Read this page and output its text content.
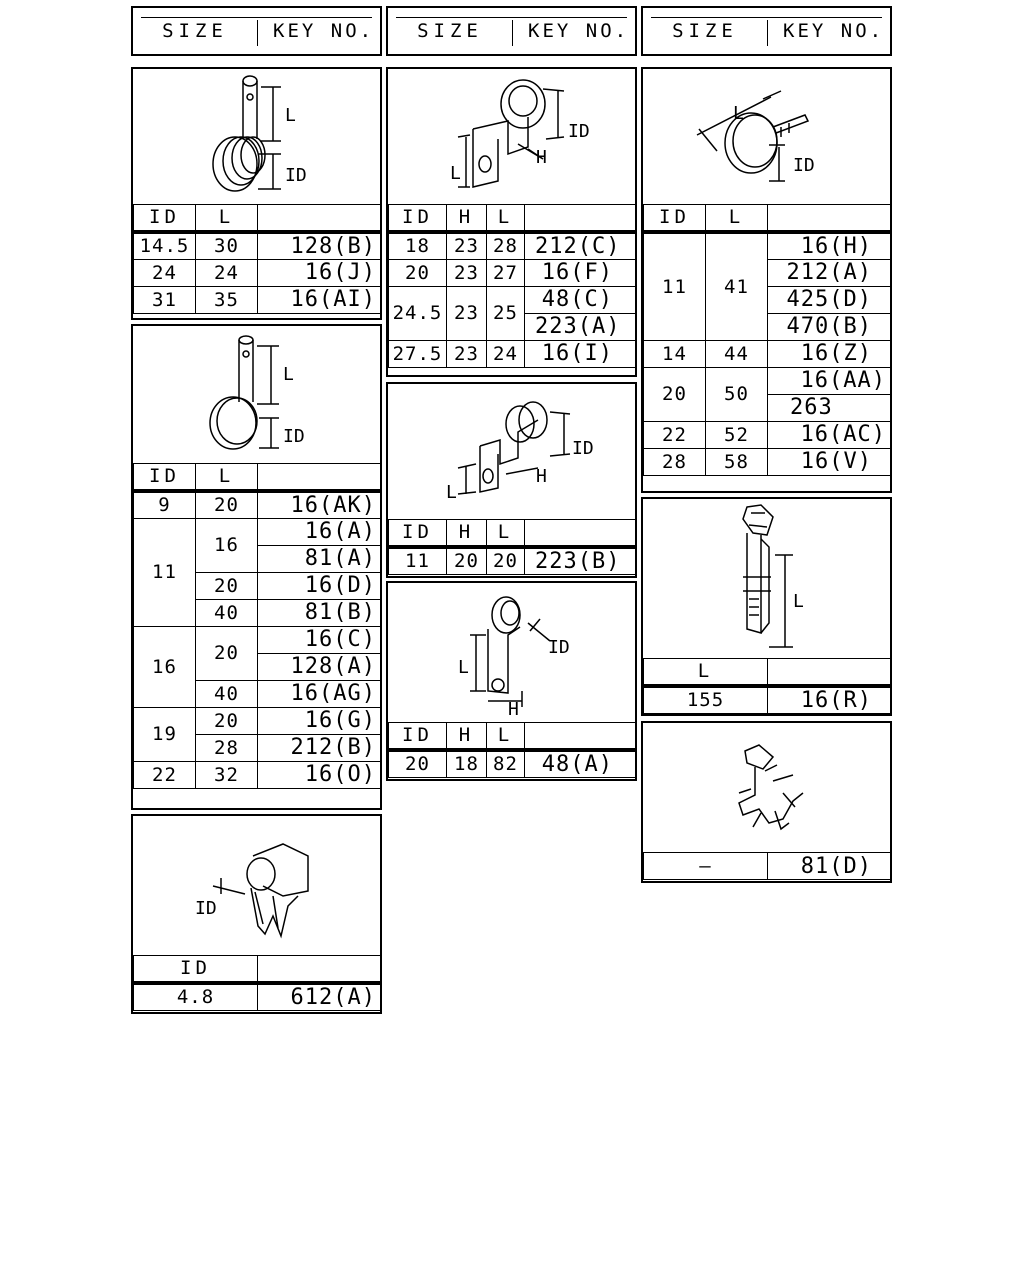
SIZE	KEY NO.	SIZE	KEY NO.	SIZE	KEY NO.
L
ID
ID	L	
14.5	30	128(B)
24	24	16(J)
31	35	16(AI)
L
ID
ID	L	
9	20	16(AK)
11	16	16(A)
		81(A)
	20	16(D)
	40	81(B)
16	20	16(C)
		128(A)
	40	16(AG)
19	20	16(G)
	28	212(B)
22	32	16(O)
ID
ID	
4.8	612(A)
ID
H
L
ID	H	L	
18	23	28	212(C)
20	23	27	16(F)
24.5	23	25	48(C)
			223(A)
27.5	23	24	16(I)
ID
H
L
ID	H	L	
11	20	20	223(B)
ID
L
H
ID	H	L	
20	18	82	48(A)
L
ID
ID	L	
11	41	16(H)
		212(A)
		425(D)
		470(B)
14	44	16(Z)
20	50	16(AA)
		263
22	52	16(AC)
28	58	16(V)
L
L	
155	16(R)
—	81(D)
